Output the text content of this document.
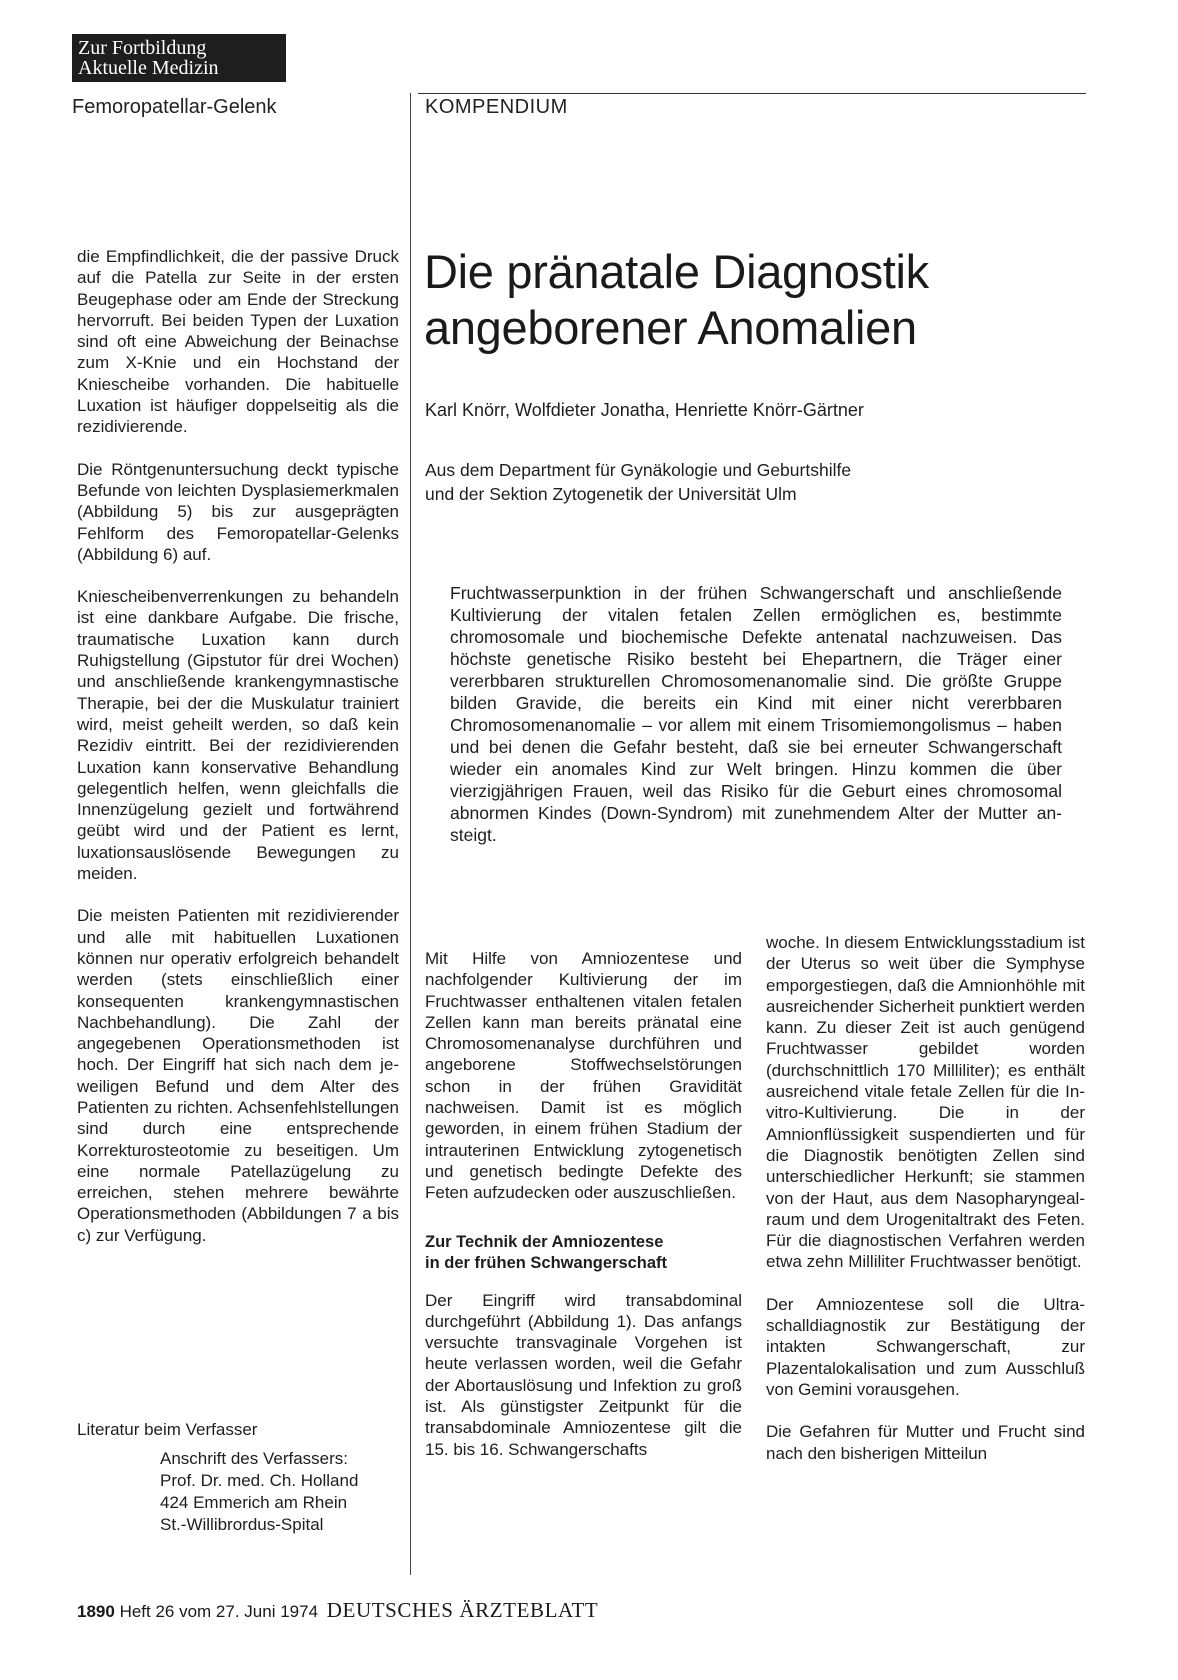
Zur Fortbildung
Aktuelle Medizin
Femoropatellar-Gelenk	KOMPENDIUM

die Empfindlichkeit, die der passive Druck auf die Patella zur Seite in der ersten Beugephase oder am Ende der Streckung hervorruft. Bei beiden Typen der Luxation sind oft eine Abweichung der Beinachse zum X-Knie und ein Hochstand der Kniescheibe vorhanden. Die habituelle Luxation ist häufiger doppelseitig als die rezidivierende.

Die Röntgenuntersuchung deckt typische Befunde von leichten Dysplasiemerkmalen (Abbildung 5) bis zur ausgeprägten Fehlform des Femoropatellar-Gelenks (Abbildung 6) auf.

Kniescheibenverrenkungen zu behandeln ist eine dankbare Aufgabe. Die frische, traumatische Luxation kann durch Ruhigstellung (Gipstutor für drei Wochen) und anschließende krankengymnastische Therapie, bei der die Muskulatur trainiert wird, meist geheilt werden, so daß kein Rezidiv eintritt. Bei der rezidivierenden Luxation kann konservative Behandlung gelegentlich helfen, wenn gleichfalls die Innenzügelung gezielt und fortwährend geübt wird und der Patient es lernt, luxationsauslösende Bewegungen zu meiden.

Die meisten Patienten mit rezidivierender und alle mit habituellen Luxationen können nur operativ erfolgreich behandelt werden (stets einschließlich einer konsequenten krankengymnastischen Nachbehandlung). Die Zahl der angegebenen Operationsmethoden ist hoch. Der Eingriff hat sich nach dem jeweiligen Befund und dem Alter des Patienten zu richten. Achsenfehlstellungen sind durch eine entsprechende Korrekturosteotomie zu beseitigen. Um eine normale Patellazügelung zu erreichen, stehen mehrere bewährte Operationsmethoden (Abbildungen 7 a bis c) zur Verfügung.

Literatur beim Verfasser
Anschrift des Verfassers:
Prof. Dr. med. Ch. Holland
424 Emmerich am Rhein
St.-Willibrordus-Spital
Die pränatale Diagnostik
angeborener Anomalien
Karl Knörr, Wolfdieter Jonatha, Henriette Knörr-Gärtner
Aus dem Department für Gynäkologie und Geburtshilfe
und der Sektion Zytogenetik der Universität Ulm
Fruchtwasserpunktion in der frühen Schwangerschaft und anschließende Kultivierung der vitalen fetalen Zellen ermöglichen es, bestimmte chromosomale und biochemische Defekte antenatal nachzuweisen. Das höchste genetische Risiko besteht bei Ehepartnern, die Träger einer vererbbaren strukturellen Chromosomenanomalie sind. Die größte Gruppe bilden Gravide, die bereits ein Kind mit einer nicht vererbbaren Chromosomenanomalie – vor allem mit einem Trisomiemongolismus – haben und bei denen die Gefahr besteht, daß sie bei erneuter Schwangerschaft wieder ein anomales Kind zur Welt bringen. Hinzu kommen die über vierzigjährigen Frauen, weil das Risiko für die Geburt eines chromosomal abnormen Kindes (Down-Syndrom) mit zunehmendem Alter der Mutter ansteigt.

Mit Hilfe von Amniozentese und nachfolgender Kultivierung der im Fruchtwasser enthaltenen vitalen fetalen Zellen kann man bereits pränatal eine Chromosomenanalyse durchführen und angeborene Stoffwechselstörungen schon in der frühen Gravidität nachweisen. Damit ist es möglich geworden, in einem frühen Stadium der intrauterinen Entwicklung zytogenetisch und genetisch bedingte Defekte des Feten aufzudecken oder auszuschließen.

Zur Technik der Amniozentese
in der frühen Schwangerschaft

Der Eingriff wird transabdominal durchgeführt (Abbildung 1). Das anfangs versuchte transvaginale Vorgehen ist heute verlassen worden, weil die Gefahr der Abortauslösung und Infektion zu groß ist. Als günstigster Zeitpunkt für die transabdominale Amniozentese gilt die 15. bis 16. Schwangerschafts

woche. In diesem Entwicklungsstadium ist der Uterus so weit über die Symphyse emporgestiegen, daß die Amnionhöhle mit ausreichender Sicherheit punktiert werden kann. Zu dieser Zeit ist auch genügend Fruchtwasser gebildet worden (durchschnittlich 170 Milliliter); es enthält ausreichend vitale fetale Zellen für die In-vitro-Kultivierung. Die in der Amnionflüssigkeit suspendierten und für die Diagnostik benötigten Zellen sind unterschiedlicher Herkunft; sie stammen von der Haut, aus dem Nasopharyngealraum und dem Urogenitaltrakt des Feten. Für die diagnostischen Verfahren werden etwa zehn Milliliter Fruchtwasser benötigt.

Der Amniozentese soll die Ultraschalldiagnostik zur Bestätigung der intakten Schwangerschaft, zur Plazentalokalisation und zum Ausschluß von Gemini vorausgehen.

Die Gefahren für Mutter und Frucht sind nach den bisherigen Mitteilun

1890 Heft 26 vom 27. Juni 1974 DEUTSCHES ÄRZTEBLATT
